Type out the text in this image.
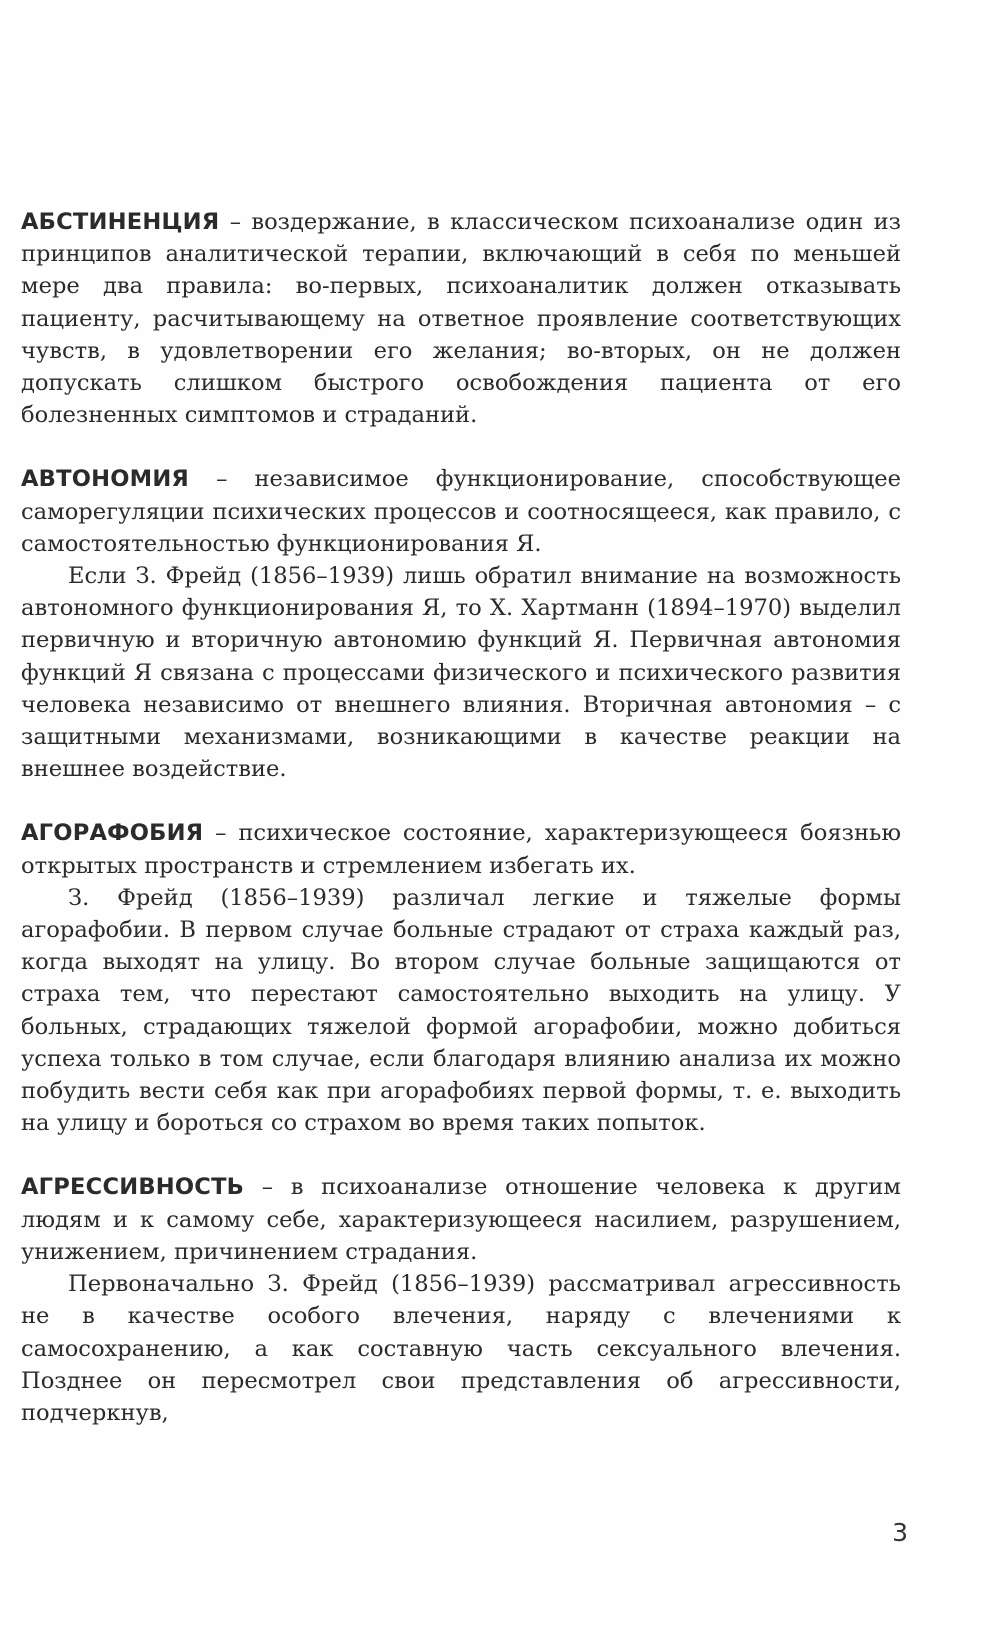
АБСТИНЕНЦИЯ – воздержание, в классическом психоанализе один из принципов аналитической терапии, включающий в себя по меньшей мере два правила: во-первых, психоаналитик должен отказывать пациенту, расчитывающему на ответное проявление соответствующих чувств, в удовлетворении его желания; во-вторых, он не должен допускать слишком быстрого освобождения пациента от его болезненных симптомов и страданий.

АВТОНОМИЯ – независимое функционирование, способствующее саморегуляции психических процессов и соотносящееся, как правило, с самостоятельностью функционирования Я.

Если З. Фрейд (1856–1939) лишь обратил внимание на возможность автономного функционирования Я, то Х. Хартманн (1894–1970) выделил первичную и вторичную автономию функций Я. Первичная автономия функций Я связана с процессами физического и психического развития человека независимо от внешнего влияния. Вторичная автономия – с защитными механизмами, возникающими в качестве реакции на внешнее воздействие.

АГОРАФОБИЯ – психическое состояние, характеризующееся боязнью открытых пространств и стремлением избегать их.

З. Фрейд (1856–1939) различал легкие и тяжелые формы агорафобии. В первом случае больные страдают от страха каждый раз, когда выходят на улицу. Во втором случае больные защищаются от страха тем, что перестают самостоятельно выходить на улицу. У больных, страдающих тяжелой формой агорафобии, можно добиться успеха только в том случае, если благодаря влиянию анализа их можно побудить вести себя как при агорафобиях первой формы, т. е. выходить на улицу и бороться со страхом во время таких попыток.

АГРЕССИВНОСТЬ – в психоанализе отношение человека к другим людям и к самому себе, характеризующееся насилием, разрушением, унижением, причинением страдания.

Первоначально З. Фрейд (1856–1939) рассматривал агрессивность не в качестве особого влечения, наряду с влечениями к самосохранению, а как составную часть сексуального влечения. Позднее он пересмотрел свои представления об агрессивности, подчеркнув,

3
